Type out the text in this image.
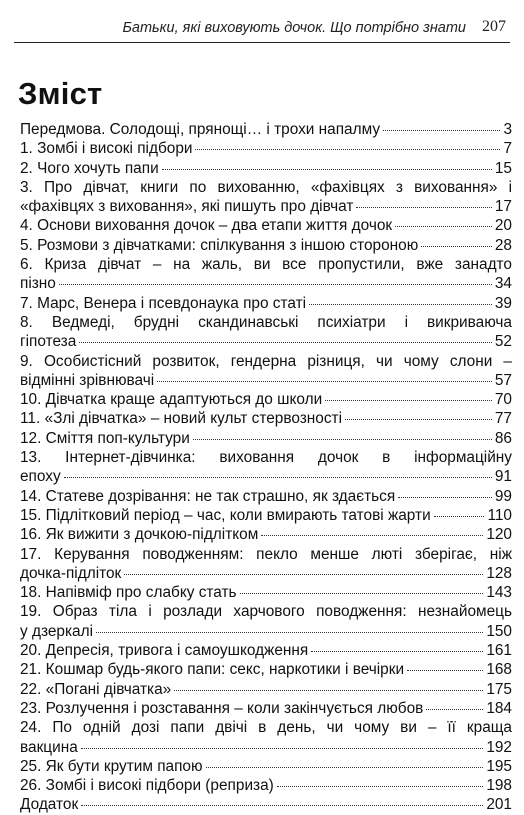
Батьки, які виховують дочок. Що потрібно знати 207
Зміст
Передмова. Солодощі, прянощі… і трохи напалму	3
1. Зомбі і високі підбори	7
2. Чого хочуть папи	15
3. Про дівчат, книги по вихованню, «фахівцях з виховання» і
«фахівцях з виховання», які пишуть про дівчат	17
4. Основи виховання дочок – два етапи життя дочок	20
5. Розмови з дівчатками: спілкування з іншою стороною	28
6. Криза дівчат – на жаль, ви все пропустили, вже занадто
пізно	34
7. Марс, Венера і псевдонаука про статі	39
8. Ведмеді, брудні скандинавські психіатри і викриваюча
гіпотеза	52
9. Особистісний розвиток, гендерна різниця, чи чому слони –
відмінні зрівнювачі	57
10. Дівчатка краще адаптуються до школи	70
11. «Злі дівчатка» – новий культ стервозності	77
12. Сміття поп-культури	86
13. Інтернет-дівчинка: виховання дочок в інформаційну
епоху	91
14. Статеве дозрівання: не так страшно, як здається	99
15. Підлітковий період – час, коли вмирають татові жарти	110
16. Як вижити з дочкою-підлітком	120
17. Керування поводженням: пекло менше люті зберігає, ніж
дочка-підліток	128
18. Напівміф про слабку стать	143
19. Образ тіла і розлади харчового поводження: незнайомець
у дзеркалі	150
20. Депресія, тривога і самоушкодження	161
21. Кошмар будь-якого папи: секс, наркотики і вечірки	168
22. «Погані дівчатка»	175
23. Розлучення і розставання – коли закінчується любов	184
24. По одній дозі папи двічі в день, чи чому ви – її краща
вакцина	192
25. Як бути крутим папою	195
26. Зомбі і високі підбори (реприза)	198
Додаток	201
